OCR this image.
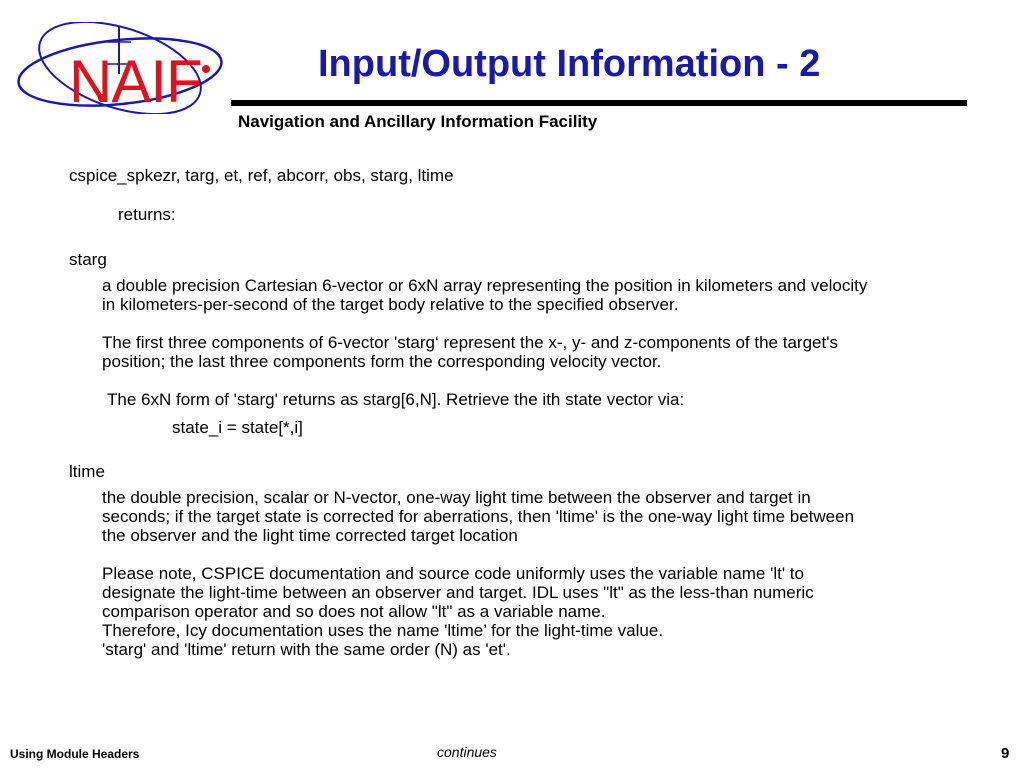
NAIF	Input/Output Information - 2
Navigation and Ancillary Information Facility
cspice_spkezr, targ, et, ref, abcorr, obs, starg, ltime
returns:
starg
a double precision Cartesian 6-vector or 6xN array representing the position in kilometers and velocity
in kilometers-per-second of the target body relative to the specified observer.
The first three components of 6-vector 'starg‘ represent the x-, y- and z-components of the target's
position; the last three components form the corresponding velocity vector.
The 6xN form of 'starg' returns as starg[6,N]. Retrieve the ith state vector via:
state_i = state[*,i]
ltime
the double precision, scalar or N-vector, one-way light time between the observer and target in
seconds; if the target state is corrected for aberrations, then 'ltime' is the one-way light time between
the observer and the light time corrected target location
Please note, CSPICE documentation and source code uniformly uses the variable name 'lt' to
designate the light-time between an observer and target. IDL uses "lt" as the less-than numeric
comparison operator and so does not allow "lt" as a variable name.
Therefore, Icy documentation uses the name 'ltime’ for the light-time value.
'starg' and 'ltime' return with the same order (N) as 'et'.
Using Module Headers	continues	9
